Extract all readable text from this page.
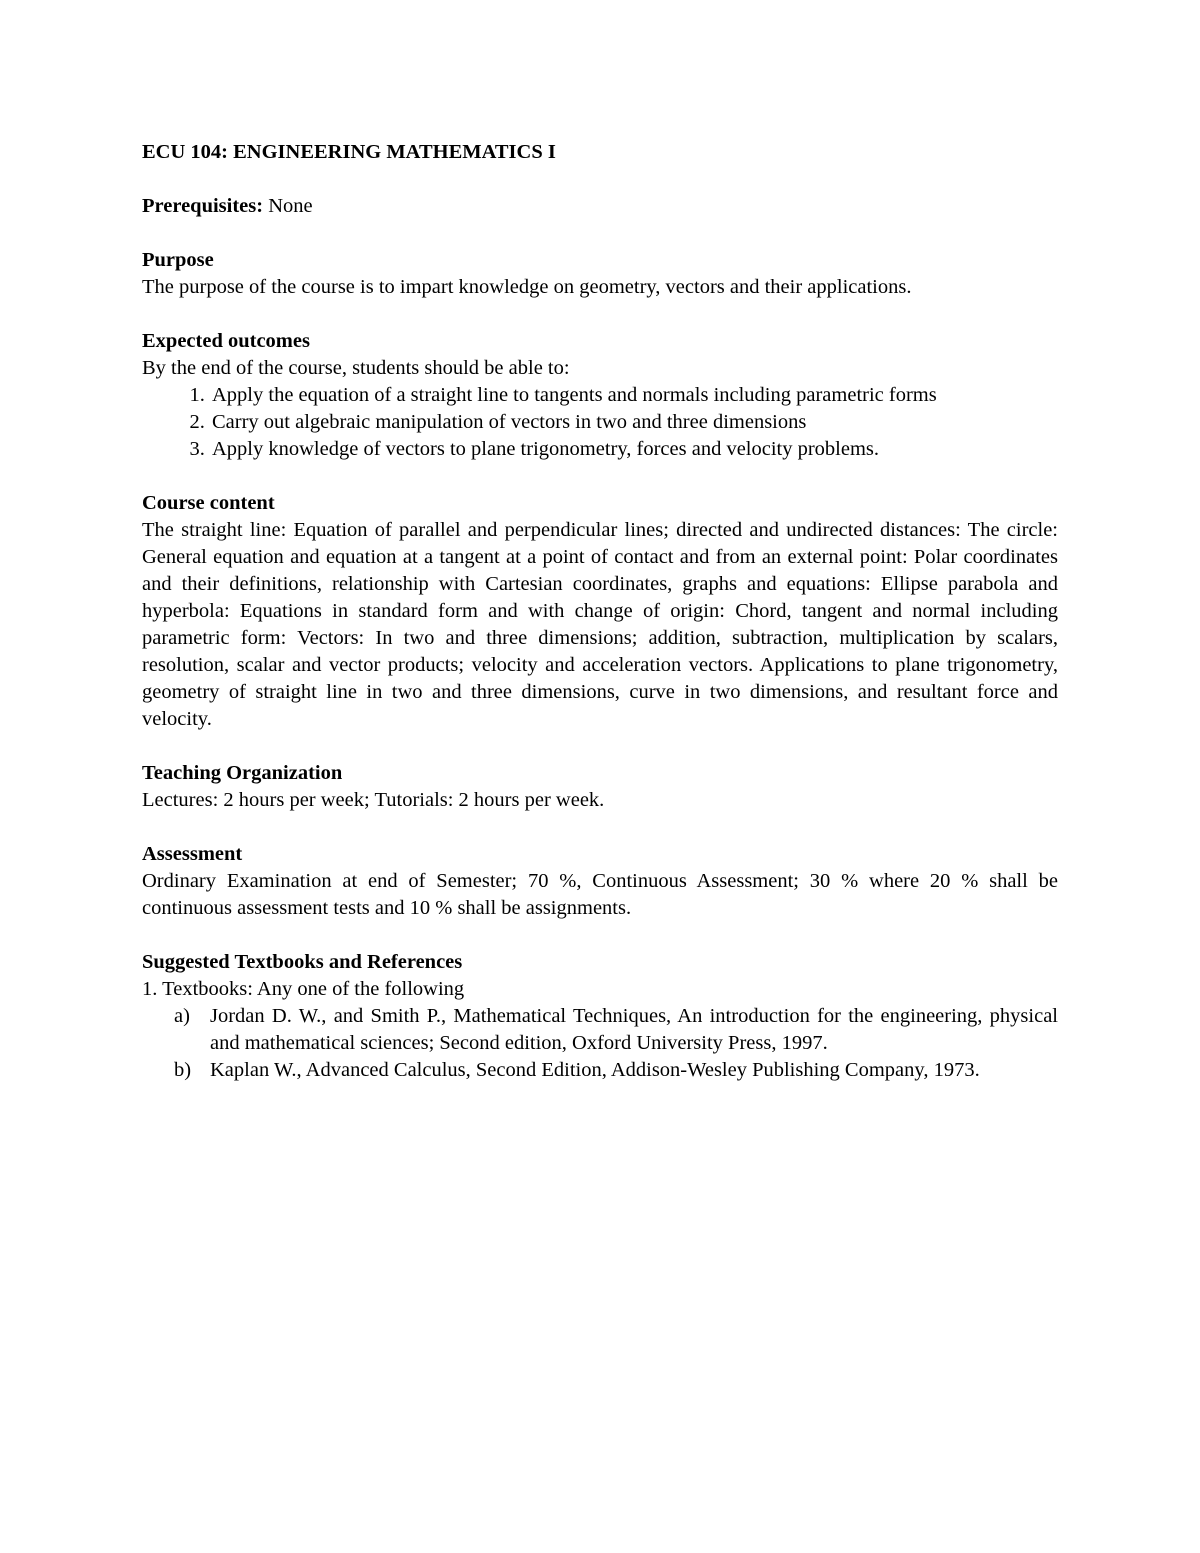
ECU 104: ENGINEERING MATHEMATICS I

Prerequisites: None

Purpose

The purpose of the course is to impart knowledge on geometry, vectors and their applications.

Expected outcomes

By the end of the course, students should be able to:

1. Apply the equation of a straight line to tangents and normals including parametric forms
2. Carry out algebraic manipulation of vectors in two and three dimensions
3. Apply knowledge of vectors to plane trigonometry, forces and velocity problems.

Course content

The straight line: Equation of parallel and perpendicular lines; directed and undirected distances: The circle: General equation and equation at a tangent at a point of contact and from an external point: Polar coordinates and their definitions, relationship with Cartesian coordinates, graphs and equations: Ellipse parabola and hyperbola: Equations in standard form and with change of origin: Chord, tangent and normal including parametric form: Vectors: In two and three dimensions; addition, subtraction, multiplication by scalars, resolution, scalar and vector products; velocity and acceleration vectors. Applications to plane trigonometry, geometry of straight line in two and three dimensions, curve in two dimensions, and resultant force and velocity.

Teaching Organization

Lectures: 2 hours per week; Tutorials: 2 hours per week.

Assessment

Ordinary Examination at end of Semester; 70 %, Continuous Assessment; 30 % where 20 % shall be continuous assessment tests and 10 % shall be assignments.

Suggested Textbooks and References

1. Textbooks: Any one of the following

a) Jordan D. W., and Smith P., Mathematical Techniques, An introduction for the engineering, physical and mathematical sciences; Second edition, Oxford University Press, 1997.
b) Kaplan W., Advanced Calculus, Second Edition, Addison-Wesley Publishing Company, 1973.
